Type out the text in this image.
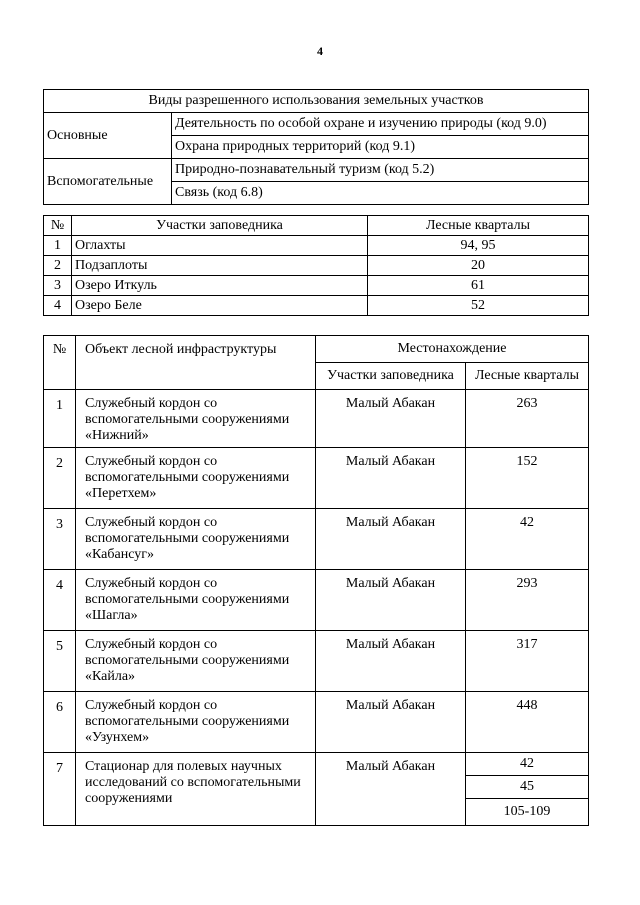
4
Виды разрешенного использования земельных участков	
Основные	Деятельность по особой охране и изучению природы (код 9.0)
	Охрана природных территорий (код 9.1)
Вспомогательные	Природно-познавательный туризм (код 5.2)
	Связь (код 6.8)
№	Участки заповедника	Лесные кварталы
1	Оглахты	94, 95
2	Подзаплоты	20
3	Озеро Иткуль	61
4	Озеро Беле	52
№	Объект лесной инфраструктуры	Местонахождение	
		Участки заповедника	Лесные кварталы
1	Служебный кордон со вспомогательными сооружениями «Нижний»	Малый Абакан	263
2	Служебный кордон со вспомогательными сооружениями «Перетхем»	Малый Абакан	152
3	Служебный кордон со вспомогательными сооружениями «Кабансуг»	Малый Абакан	42
4	Служебный кордон со вспомогательными сооружениями «Шагла»	Малый Абакан	293
5	Служебный кордон со вспомогательными сооружениями «Кайла»	Малый Абакан	317
6	Служебный кордон со вспомогательными сооружениями «Узунхем»	Малый Абакан	448
7	Стационар для полевых научных исследований со вспомогательными сооружениями	Малый Абакан	42
			45
			105-109
